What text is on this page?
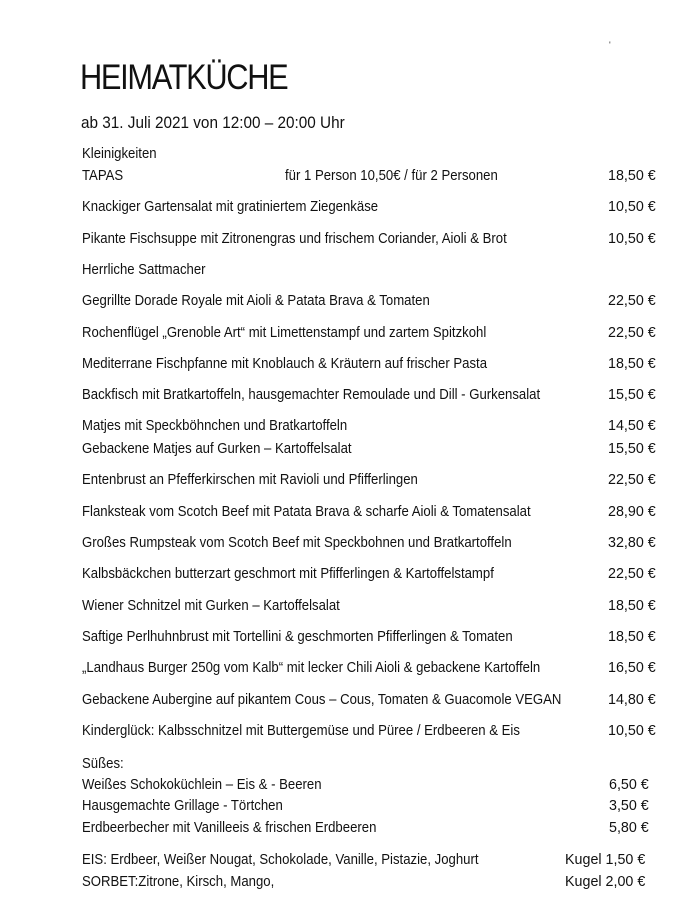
'
HEIMATKÜCHE
ab 31. Juli 2021 von 12:00 – 20:00 Uhr
Kleinigkeiten
TAPAS	für 1 Person 10,50€ / für 2 Personen	18,50 €
Knackiger Gartensalat mit gratiniertem Ziegenkäse	10,50 €
Pikante Fischsuppe mit Zitronengras und frischem Coriander, Aioli & Brot	10,50 €
Herrliche Sattmacher
Gegrillte Dorade Royale mit Aioli & Patata Brava & Tomaten	22,50 €
Rochenflügel „Grenoble Art“ mit Limettenstampf und zartem Spitzkohl	22,50 €
Mediterrane Fischpfanne mit Knoblauch & Kräutern auf frischer Pasta	18,50 €
Backfisch mit Bratkartoffeln, hausgemachter Remoulade und Dill - Gurkensalat	15,50 €
Matjes mit Speckböhnchen und Bratkartoffeln	14,50 €
Gebackene Matjes auf Gurken – Kartoffelsalat	15,50 €
Entenbrust an Pfefferkirschen mit Ravioli und Pfifferlingen	22,50 €
Flanksteak vom Scotch Beef mit Patata Brava & scharfe Aioli & Tomatensalat	28,90 €
Großes Rumpsteak vom Scotch Beef mit Speckbohnen und Bratkartoffeln	32,80 €
Kalbsbäckchen butterzart geschmort mit Pfifferlingen & Kartoffelstampf	22,50 €
Wiener Schnitzel mit Gurken – Kartoffelsalat	18,50 €
Saftige Perlhuhnbrust mit Tortellini & geschmorten Pfifferlingen & Tomaten	18,50 €
„Landhaus Burger 250g vom Kalb“ mit lecker Chili Aioli & gebackene Kartoffeln	16,50 €
Gebackene Aubergine auf pikantem Cous – Cous, Tomaten & Guacomole VEGAN	14,80 €
Kinderglück: Kalbsschnitzel mit Buttergemüse und Püree / Erdbeeren & Eis	10,50 €
Süßes:
Weißes Schokoküchlein – Eis & - Beeren	6,50 €
Hausgemachte Grillage - Törtchen	3,50 €
Erdbeerbecher mit Vanilleeis & frischen Erdbeeren	5,80 €
EIS: Erdbeer, Weißer Nougat, Schokolade, Vanille, Pistazie, Joghurt	Kugel 1,50 €
SORBET:Zitrone, Kirsch, Mango,	Kugel 2,00 €
